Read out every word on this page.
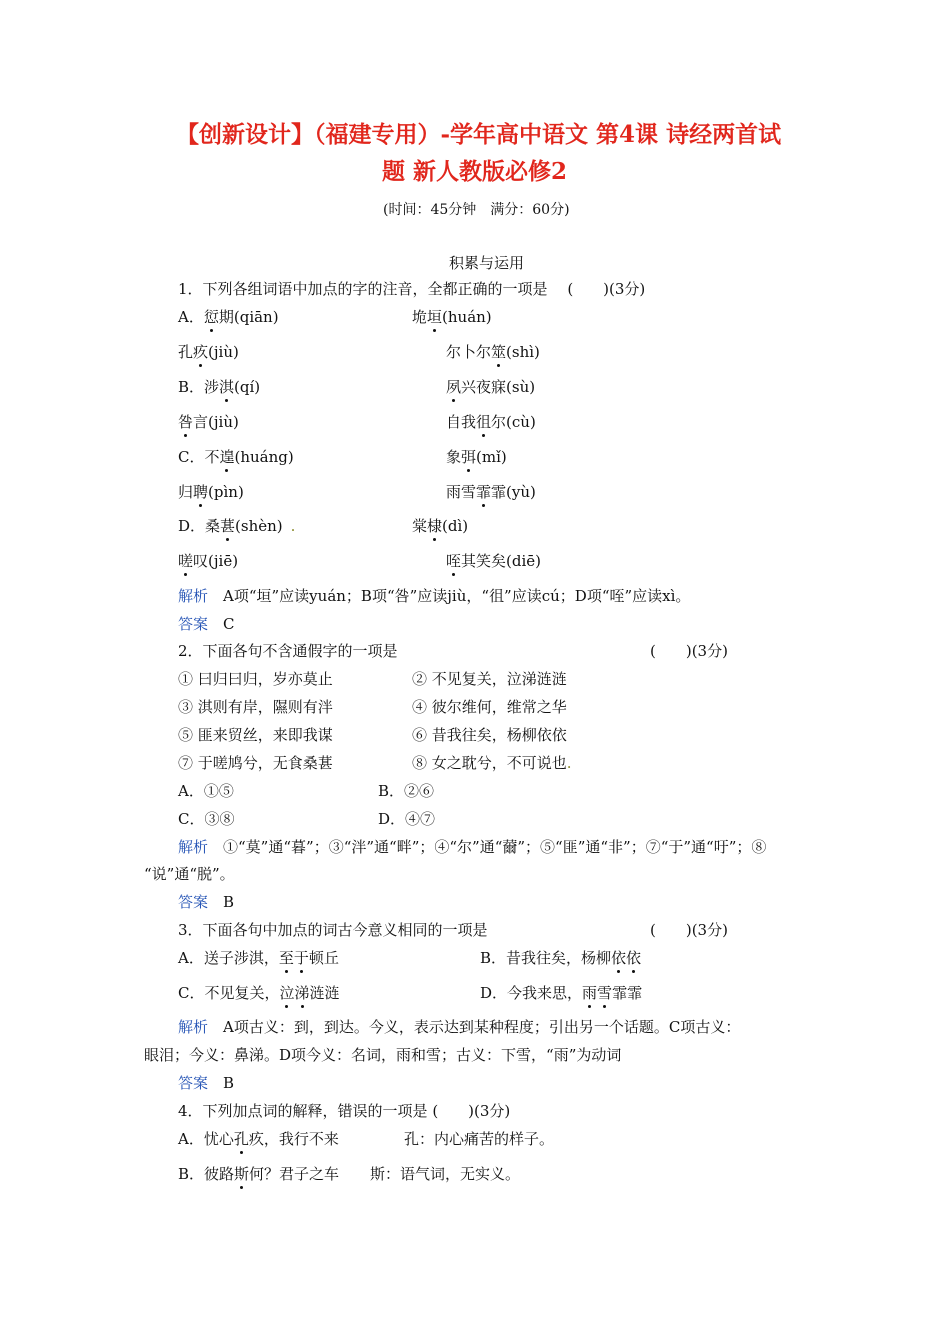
【创新设计】（福建专用）-学年高中语文 第4课 诗经两首试
题 新人教版必修2
(时间：45分钟　满分：60分)
积累与运用
1．下列各组词语中加点的字的注音，全都正确的一项是　 (　　)(3分)
A．愆期(qiān)	垝垣(huán)
孔疚(jiù)	尔卜尔筮(shì)
B．涉淇(qí)	夙兴夜寐(sù)
咎言(jiù)	自我徂尔(cù)
C．不遑(huáng)	象弭(mǐ)
归聘(pìn)	雨雪霏霏(yù)
D．桑葚(shèn) .	棠棣(dì)
嗟叹(jiē)	咥其笑矣(diē)
解析　A项“垣”应读yuán；B项“咎”应读jiù，“徂”应读cú；D项“咥”应读xì。
答案　C
2．下面各句不含通假字的一项是	(　　)(3分)
① 曰归曰归，岁亦莫止	② 不见复关，泣涕涟涟
③ 淇则有岸，隰则有泮	④ 彼尔维何，维常之华
⑤ 匪来贸丝，来即我谋	⑥ 昔我往矣，杨柳依依
⑦ 于嗟鸠兮，无食桑葚	⑧ 女之耽兮，不可说也.
A．①⑤	B．②⑥
C．③⑧	D．④⑦
解析　①“莫”通“暮”；③“泮”通“畔”；④“尔”通“薾”；⑤“匪”通“非”；⑦“于”通“吁”；⑧
“说”通“脱”。
答案　B
3．下面各句中加点的词古今意义相同的一项是	(　　)(3分)
A．送子涉淇，至于顿丘	B．昔我往矣，杨柳依依
C．不见复关，泣涕涟涟	D．今我来思，雨雪霏霏
解析　A项古义：到，到达。今义，表示达到某种程度；引出另一个话题。C项古义：
眼泪；今义：鼻涕。D项今义：名词，雨和雪；古义：下雪，“雨”为动词
答案　B
4．下列加点词的解释，错误的一项是 (　　)(3分)
A．忧心孔疚，我行不来	孔：内心痛苦的样子。
B．彼路斯何？君子之车 斯：语气词，无实义。
